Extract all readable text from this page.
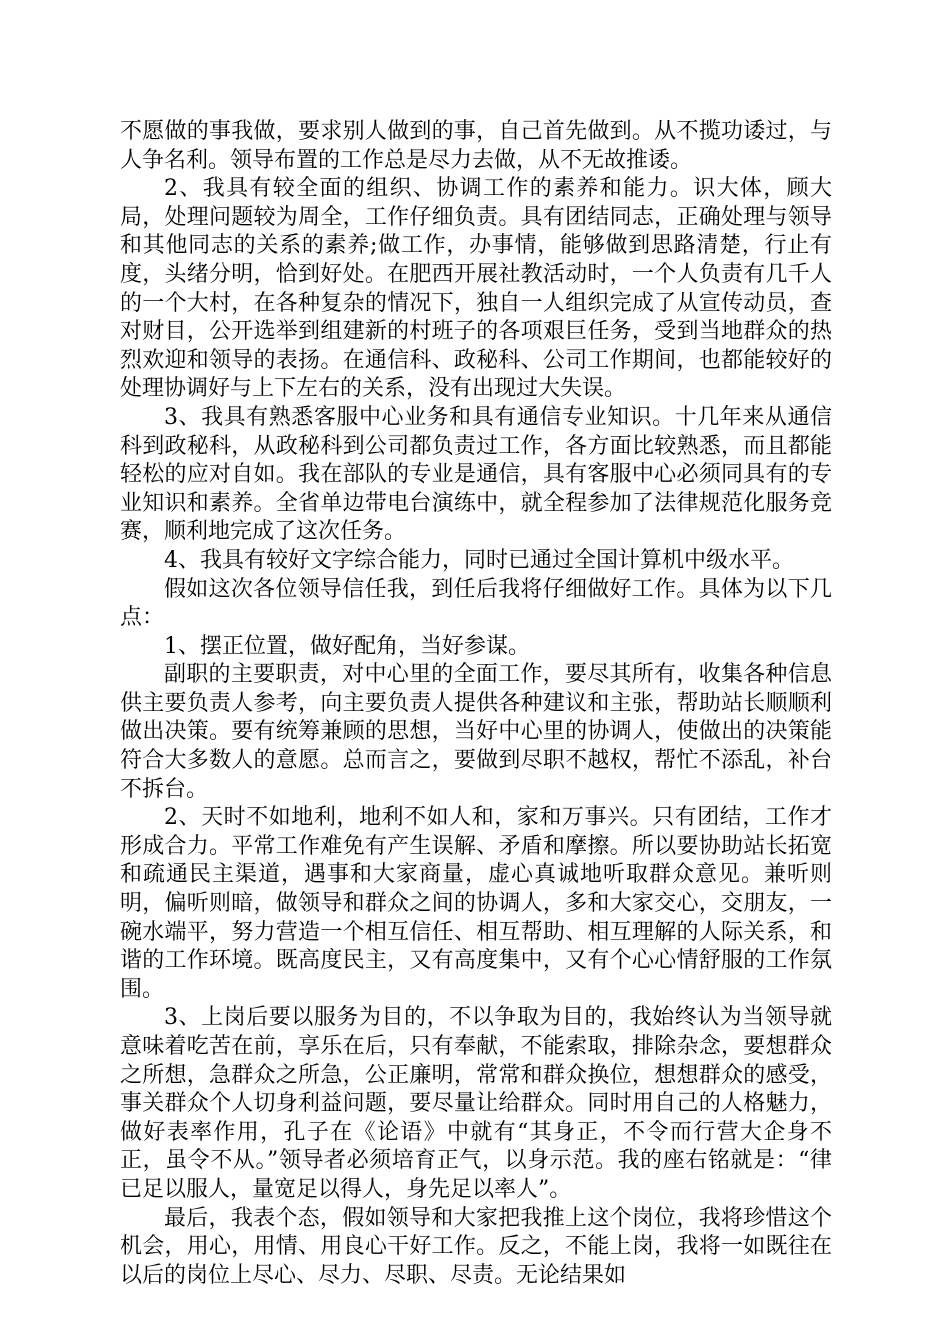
不愿做的事我做，要求别人做到的事，自己首先做到。从不揽功诿过，与人争名利。领导布置的工作总是尽力去做，从不无故推诿。

2、我具有较全面的组织、协调工作的素养和能力。识大体，顾大局，处理问题较为周全，工作仔细负责。具有团结同志，正确处理与领导和其他同志的关系的素养;做工作，办事情，能够做到思路清楚，行止有度，头绪分明，恰到好处。在肥西开展社教活动时，一个人负责有几千人的一个大村，在各种复杂的情况下，独自一人组织完成了从宣传动员，查对财目，公开选举到组建新的村班子的各项艰巨任务，受到当地群众的热烈欢迎和领导的表扬。在通信科、政秘科、公司工作期间，也都能较好的处理协调好与上下左右的关系，没有出现过大失误。

3、我具有熟悉客服中心业务和具有通信专业知识。十几年来从通信科到政秘科，从政秘科到公司都负责过工作，各方面比较熟悉，而且都能轻松的应对自如。我在部队的专业是通信，具有客服中心必须同具有的专业知识和素养。全省单边带电台演练中，就全程参加了法律规范化服务竞赛，顺利地完成了这次任务。

4、我具有较好文字综合能力，同时已通过全国计算机中级水平。

假如这次各位领导信任我，到任后我将仔细做好工作。具体为以下几点：

1、摆正位置，做好配角，当好参谋。

副职的主要职责，对中心里的全面工作，要尽其所有，收集各种信息供主要负责人参考，向主要负责人提供各种建议和主张，帮助站长顺顺利做出决策。要有统筹兼顾的思想，当好中心里的协调人，使做出的决策能符合大多数人的意愿。总而言之，要做到尽职不越权，帮忙不添乱，补台不拆台。

2、天时不如地利，地利不如人和，家和万事兴。只有团结，工作才形成合力。平常工作难免有产生误解、矛盾和摩擦。所以要协助站长拓宽和疏通民主渠道，遇事和大家商量，虚心真诚地听取群众意见。兼听则明，偏听则暗，做领导和群众之间的协调人，多和大家交心，交朋友，一碗水端平，努力营造一个相互信任、相互帮助、相互理解的人际关系，和谐的工作环境。既高度民主，又有高度集中，又有个心心情舒服的工作氛围。

3、上岗后要以服务为目的，不以争取为目的，我始终认为当领导就意味着吃苦在前，享乐在后，只有奉献，不能索取，排除杂念，要想群众之所想，急群众之所急，公正廉明，常常和群众换位，想想群众的感受，事关群众个人切身利益问题，要尽量让给群众。同时用自己的人格魅力，做好表率作用，孔子在《论语》中就有“其身正，不令而行营大企身不正，虽令不从。”领导者必须培育正气，以身示范。我的座右铭就是：“律已足以服人，量宽足以得人，身先足以率人”。

最后，我表个态，假如领导和大家把我推上这个岗位，我将珍惜这个机会，用心，用情、用良心干好工作。反之，不能上岗，我将一如既往在以后的岗位上尽心、尽力、尽职、尽责。无论结果如
